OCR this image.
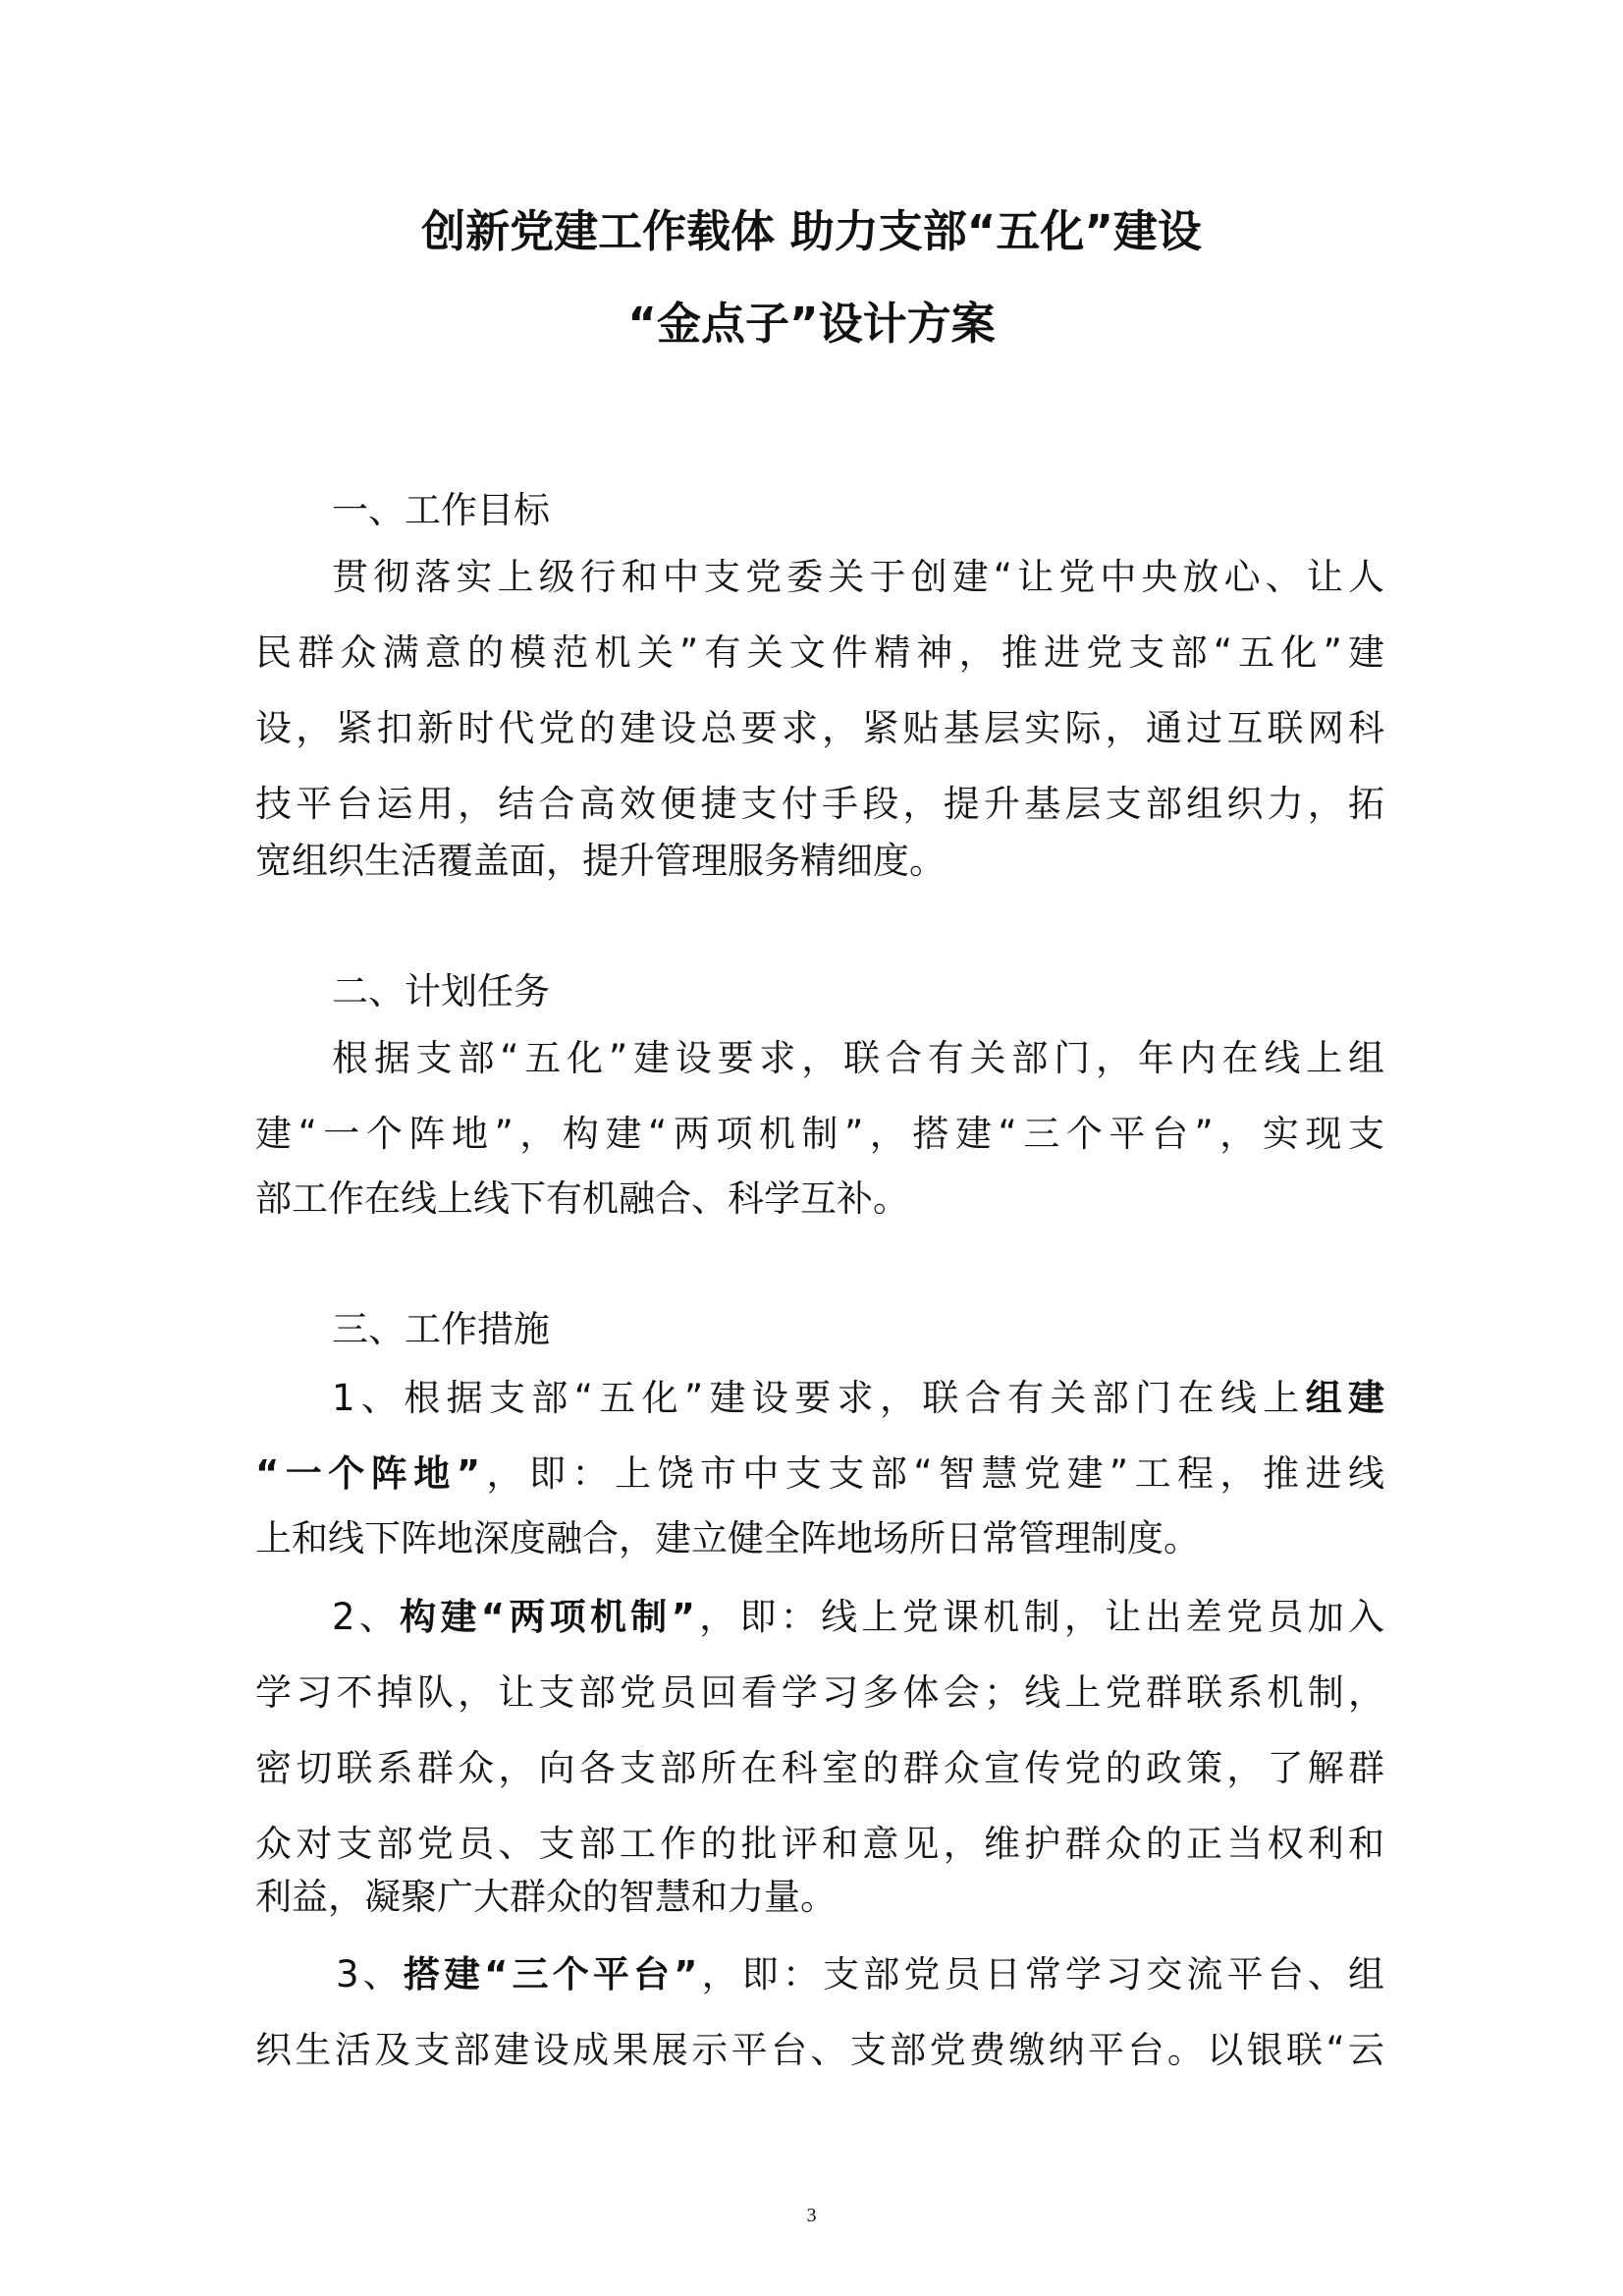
创新党建工作载体 助力支部“五化”建设
“金点子”设计方案
一、工作目标
贯彻落实上级行和中支党委关于创建“让党中央放心、让人
民群众满意的模范机关”有关文件精神，推进党支部“五化”建
设，紧扣新时代党的建设总要求，紧贴基层实际，通过互联网科
技平台运用，结合高效便捷支付手段，提升基层支部组织力，拓
宽组织生活覆盖面，提升管理服务精细度。
二、计划任务
根据支部“五化”建设要求，联合有关部门，年内在线上组
建“一个阵地”，构建“两项机制”，搭建“三个平台”，实现支
部工作在线上线下有机融合、科学互补。
三、工作措施
1、根据支部“五化”建设要求，联合有关部门在线上组建
“一个阵地”，即：上饶市中支支部“智慧党建”工程，推进线
上和线下阵地深度融合，建立健全阵地场所日常管理制度。
2、构建“两项机制”，即：线上党课机制，让出差党员加入
学习不掉队，让支部党员回看学习多体会；线上党群联系机制，
密切联系群众，向各支部所在科室的群众宣传党的政策，了解群
众对支部党员、支部工作的批评和意见，维护群众的正当权利和
利益，凝聚广大群众的智慧和力量。
3、搭建“三个平台”，即：支部党员日常学习交流平台、组
织生活及支部建设成果展示平台、支部党费缴纳平台。以银联“云
3
